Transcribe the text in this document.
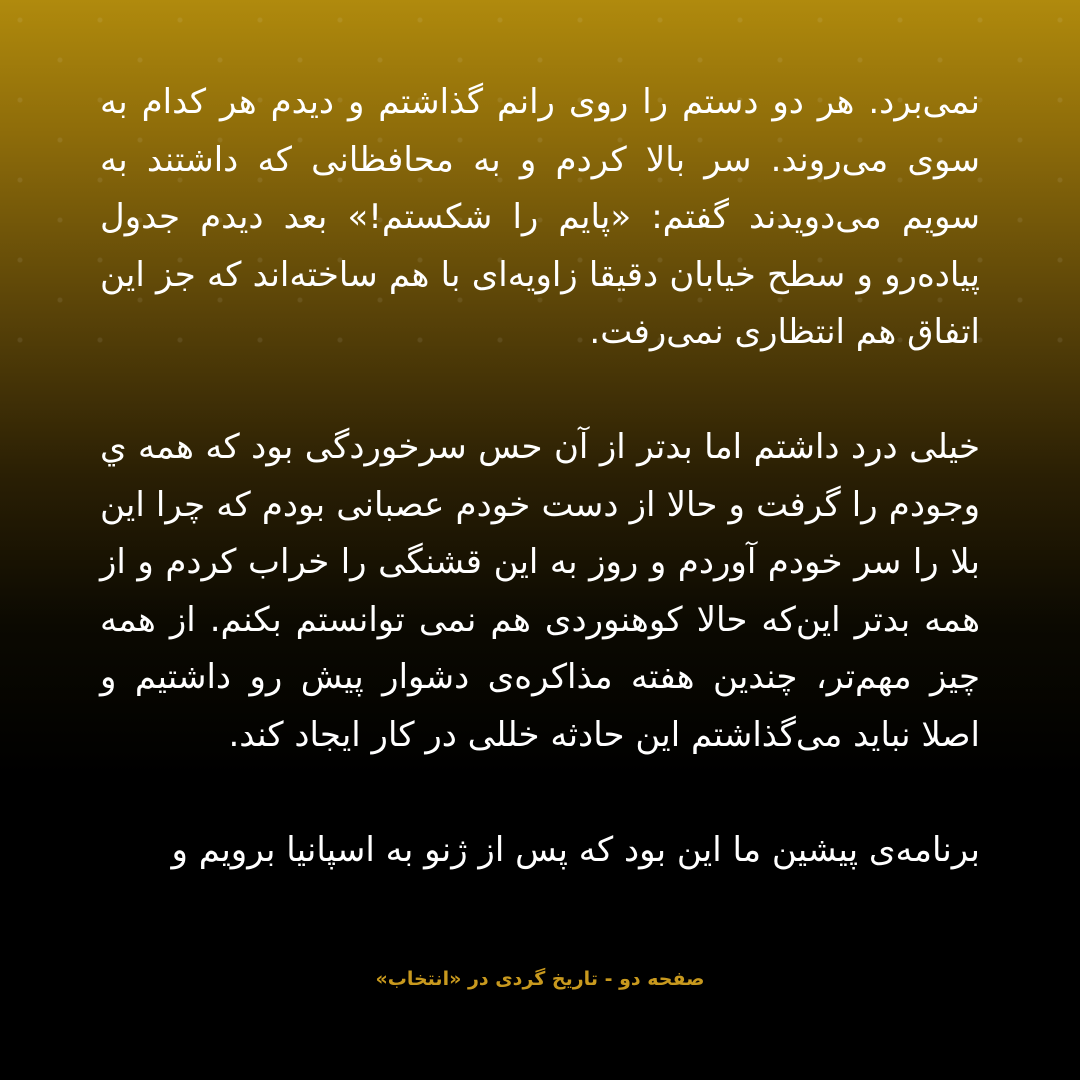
نمی‌برد. هر دو دستم را روی رانم گذاشتم و دیدم هر کدام به سوی می‌روند. سر بالا کردم و به محافظانی که داشتند به سویم می‌دویدند گفتم: «پایم را شکستم!» بعد دیدم جدول پیاده‌رو و سطح خیابان دقیقا زاویه‌ای با هم ساخته‌اند که جز این اتفاق هم انتظاری نمی‌رفت.

خیلی درد داشتم اما بدتر از آن حس سرخوردگی بود که همه ي وجودم را گرفت و حالا از دست خودم عصبانی بودم که چرا این بلا را سر خودم آوردم و روز به این قشنگی را خراب کردم و از همه بدتر این‌که حالا کوهنوردی هم نمی توانستم بکنم. از همه چیز مهم‌تر، چندین هفته مذاکره‌ی دشوار پیش رو داشتیم و اصلا نباید می‌گذاشتم این حادثه خللی در کار ایجاد کند.

برنامه‌ی پیشین ما این بود که پس از ژنو به اسپانیا برویم و

صفحه دو - تاریخ گردی در «انتخاب»
